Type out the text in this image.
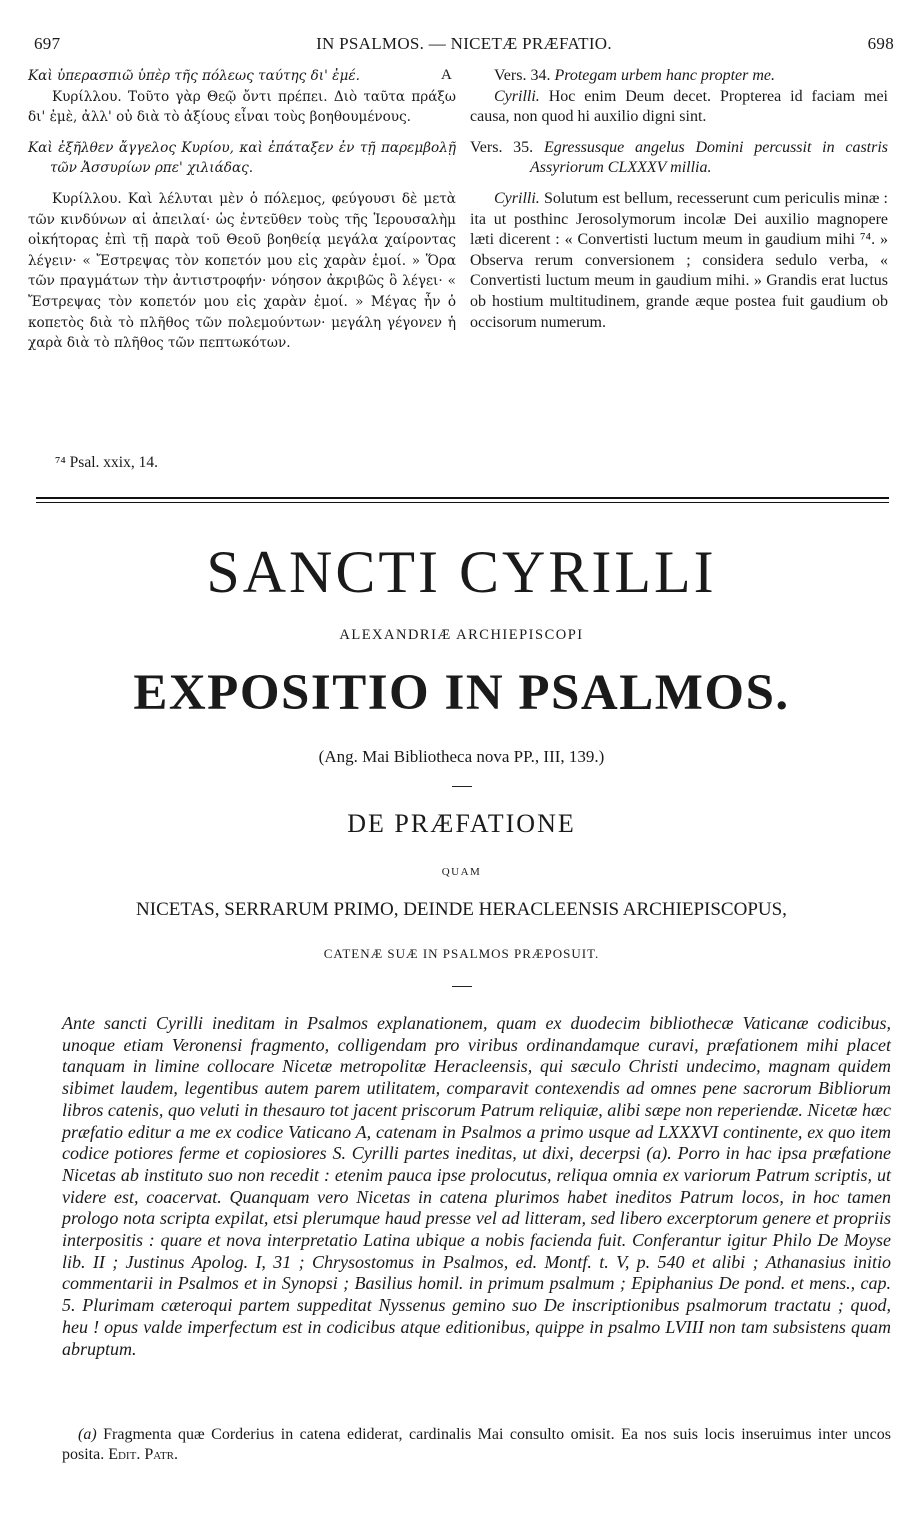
697	IN PSALMOS. — NICETÆ PRÆFATIO.	698

Καὶ ὑπερασπιῶ ὑπὲρ τῆς πόλεως ταύτης δι' ἐμέ.

Κυρίλλου. Τοῦτο γὰρ Θεῷ ὄντι πρέπει. Διὸ ταῦτα πράξω δι' ἐμὲ, ἀλλ' οὐ διὰ τὸ ἀξίους εἶναι τοὺς βοηθουμένους.

Καὶ ἐξῆλθεν ἄγγελος Κυρίου, καὶ ἐπάταξεν ἐν τῇ παρεμβολῇ τῶν Ἀσσυρίων ρπε' χιλιάδας.

Κυρίλλου. Καὶ λέλυται μὲν ὁ πόλεμος, φεύγουσι δὲ μετὰ τῶν κινδύνων αἱ ἀπειλαί· ὡς ἐντεῦθεν τοὺς τῆς Ἱερουσαλὴμ οἰκήτορας ἐπὶ τῇ παρὰ τοῦ Θεοῦ βοηθείᾳ μεγάλα χαίροντας λέγειν· « Ἔστρεψας τὸν κοπετόν μου εἰς χαρὰν ἐμοί. » Ὅρα τῶν πραγμάτων τὴν ἀντιστροφήν· νόησον ἀκριβῶς ὃ λέγει· « Ἔστρεψας τὸν κοπετόν μου εἰς χαρὰν ἐμοί. » Μέγας ἦν ὁ κοπετὸς διὰ τὸ πλῆθος τῶν πολεμούντων· μεγάλη γέγονεν ἡ χαρὰ διὰ τὸ πλῆθος τῶν πεπτωκότων.

A
⁷⁴ Psal. xxix, 14.

Vers. 34. Protegam urbem hanc propter me.

Cyrilli. Hoc enim Deum decet. Propterea id faciam mei causa, non quod hi auxilio digni sint.

Vers. 35. Egressusque angelus Domini percussit in castris Assyriorum CLXXXV millia.

Cyrilli. Solutum est bellum, recesserunt cum periculis minæ : ita ut posthinc Jerosolymorum incolæ Dei auxilio magnopere læti dicerent : « Convertisti luctum meum in gaudium mihi ⁷⁴. » Observa rerum conversionem ; considera sedulo verba, « Convertisti luctum meum in gaudium mihi. » Grandis erat luctus ob hostium multitudinem, grande æque postea fuit gaudium ob occisorum numerum.

SANCTI CYRILLI
ALEXANDRIÆ ARCHIEPISCOPI
EXPOSITIO IN PSALMOS.
(Ang. Mai Bibliotheca nova PP., III, 139.)
DE PRÆFATIONE
QUAM
NICETAS, SERRARUM PRIMO, DEINDE HERACLEENSIS ARCHIEPISCOPUS,
CATENÆ SUÆ IN PSALMOS PRÆPOSUIT.

Ante sancti Cyrilli ineditam in Psalmos explanationem, quam ex duodecim bibliothecæ Vaticanæ codicibus, unoque etiam Veronensi fragmento, colligendam pro viribus ordinandamque curavi, præfationem mihi placet tanquam in limine collocare Nicetæ metropolitæ Heracleensis, qui sæculo Christi undecimo, magnam quidem sibimet laudem, legentibus autem parem utilitatem, comparavit contexendis ad omnes pene sacrorum Bibliorum libros catenis, quo veluti in thesauro tot jacent priscorum Patrum reliquiæ, alibi sæpe non reperiendæ. Nicetæ hæc præfatio editur a me ex codice Vaticano A, catenam in Psalmos a primo usque ad LXXXVI continente, ex quo item codice potiores ferme et copiosiores S. Cyrilli partes ineditas, ut dixi, decerpsi (a). Porro in hac ipsa præfatione Nicetas ab instituto suo non recedit : etenim pauca ipse prolocutus, reliqua omnia ex variorum Patrum scriptis, ut videre est, coacervat. Quanquam vero Nicetas in catena plurimos habet ineditos Patrum locos, in hoc tamen prologo nota scripta expilat, etsi plerumque haud presse vel ad litteram, sed libero excerptorum genere et propriis interpositis : quare et nova interpretatio Latina ubique a nobis facienda fuit. Conferantur igitur Philo De Moyse lib. II ; Justinus Apolog. I, 31 ; Chrysostomus in Psalmos, ed. Montf. t. V, p. 540 et alibi ; Athanasius initio commentarii in Psalmos et in Synopsi ; Basilius homil. in primum psalmum ; Epiphanius De pond. et mens., cap. 5. Plurimam cæteroqui partem suppeditat Nyssenus gemino suo De inscriptionibus psalmorum tractatu ; quod, heu ! opus valde imperfectum est in codicibus atque editionibus, quippe in psalmo LVIII non tam subsistens quam abruptum.

(a) Fragmenta quæ Corderius in catena ediderat, cardinalis Mai consulto omisit. Ea nos suis locis inseruimus inter uncos posita. Edit. Patr.
